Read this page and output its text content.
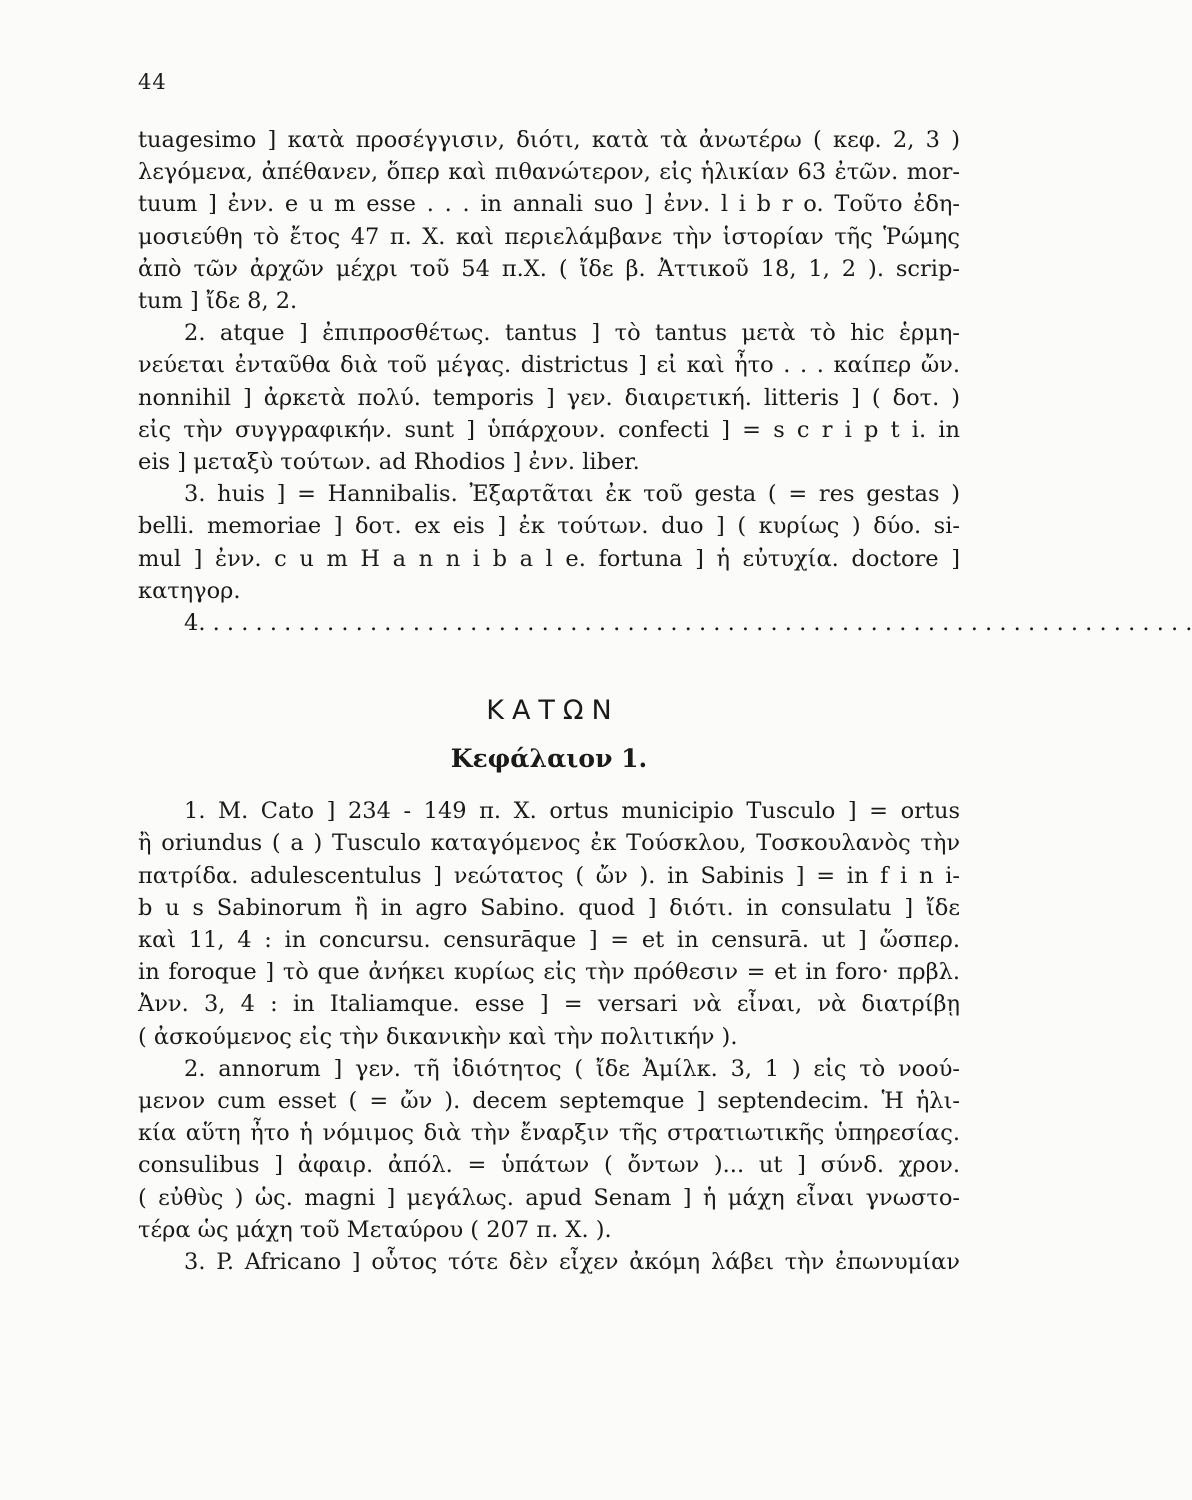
44

tuagesimo ] κατὰ προσέγγισιν, διότι, κατὰ τὰ ἀνωτέρω ( κεφ. 2, 3 )

λεγόμενα, ἀπέθανεν, ὅπερ καὶ πιθανώτερον, εἰς ἡλικίαν 63 ἐτῶν. mor-

tuum ] ἐνν. e u m esse . . . in annali suo ] ἐνν. l i b r o. Τοῦτο ἐδη-

μοσιεύθη τὸ ἔτος 47 π. Χ. καὶ περιελάμβανε τὴν ἱστορίαν τῆς Ῥώμης

ἀπὸ τῶν ἀρχῶν μέχρι τοῦ 54 π.Χ. ( ἴδε β. Ἀττικοῦ 18, 1, 2 ). scrip-

tum ] ἴδε 8, 2.

2. atque ] ἐπιπροσθέτως. tantus ] τὸ tantus μετὰ τὸ hic ἑρμη-

νεύεται ἐνταῦθα διὰ τοῦ μέγας. districtus ] εἰ καὶ ἦτο . . . καίπερ ὤν.

nonnihil ] ἀρκετὰ πολύ. temporis ] γεν. διαιρετική. litteris ] ( δοτ. )

εἰς τὴν συγγραφικήν. sunt ] ὑπάρχουν. confecti ] = s c r i p t i. in

eis ] μεταξὺ τούτων. ad Rhodios ] ἐνν. liber.

3. huis ] = Hannibalis. Ἐξαρτᾶται ἐκ τοῦ gesta ( = res gestas )

belli. memoriae ] δοτ. ex eis ] ἐκ τούτων. duo ] ( κυρίως ) δύο. si-

mul ] ἐνν. c u m H a n n i b a l e. fortuna ] ἡ εὐτυχία. doctore ]

κατηγορ.

4. . . . . . . . . . . . . . . . . . . . . . . . . . . . . . . . . . . . . . . . . . . . . . . . . . . . . . . . . . . . . . . . . . . . . .

ΚΑΤΩΝ
Κεφάλαιον 1.

1. M. Cato ] 234 - 149 π. Χ. ortus municipio Tusculo ] = ortus

ἢ oriundus ( a ) Tusculo καταγόμενος ἐκ Τούσκλου, Τοσκουλανὸς τὴν

πατρίδα. adulescentulus ] νεώτατος ( ὤν ). in Sabinis ] = in f i n i-

b u s Sabinorum ἢ in agro Sabino. quod ] διότι. in consulatu ] ἴδε

καὶ 11, 4 : in concursu. censurāque ] = et in censurā. ut ] ὥσπερ.

in foroque ] τὸ que ἀνήκει κυρίως εἰς τὴν πρόθεσιν = et in foro· πρβλ.

Ἀνν. 3, 4 : in Italiamque. esse ] = versari νὰ εἶναι, νὰ διατρίβῃ

( ἀσκούμενος εἰς τὴν δικανικὴν καὶ τὴν πολιτικήν ).

2. annorum ] γεν. τῆ ἰδιότητος ( ἴδε Ἀμίλκ. 3, 1 ) εἰς τὸ νοού-

μενον cum esset ( = ὤν ). decem septemque ] septendecim. Ἡ ἡλι-

κία αὕτη ἦτο ἡ νόμιμος διὰ τὴν ἔναρξιν τῆς στρατιωτικῆς ὑπηρεσίας.

consulibus ] ἀφαιρ. ἀπόλ. = ὑπάτων ( ὄντων )... ut ] σύνδ. χρον.

( εὐθὺς ) ὡς. magni ] μεγάλως. apud Senam ] ἡ μάχη εἶναι γνωστο-

τέρα ὡς μάχη τοῦ Μεταύρου ( 207 π. Χ. ).

3. P. Africano ] οὗτος τότε δὲν εἶχεν ἀκόμη λάβει τὴν ἐπωνυμίαν
